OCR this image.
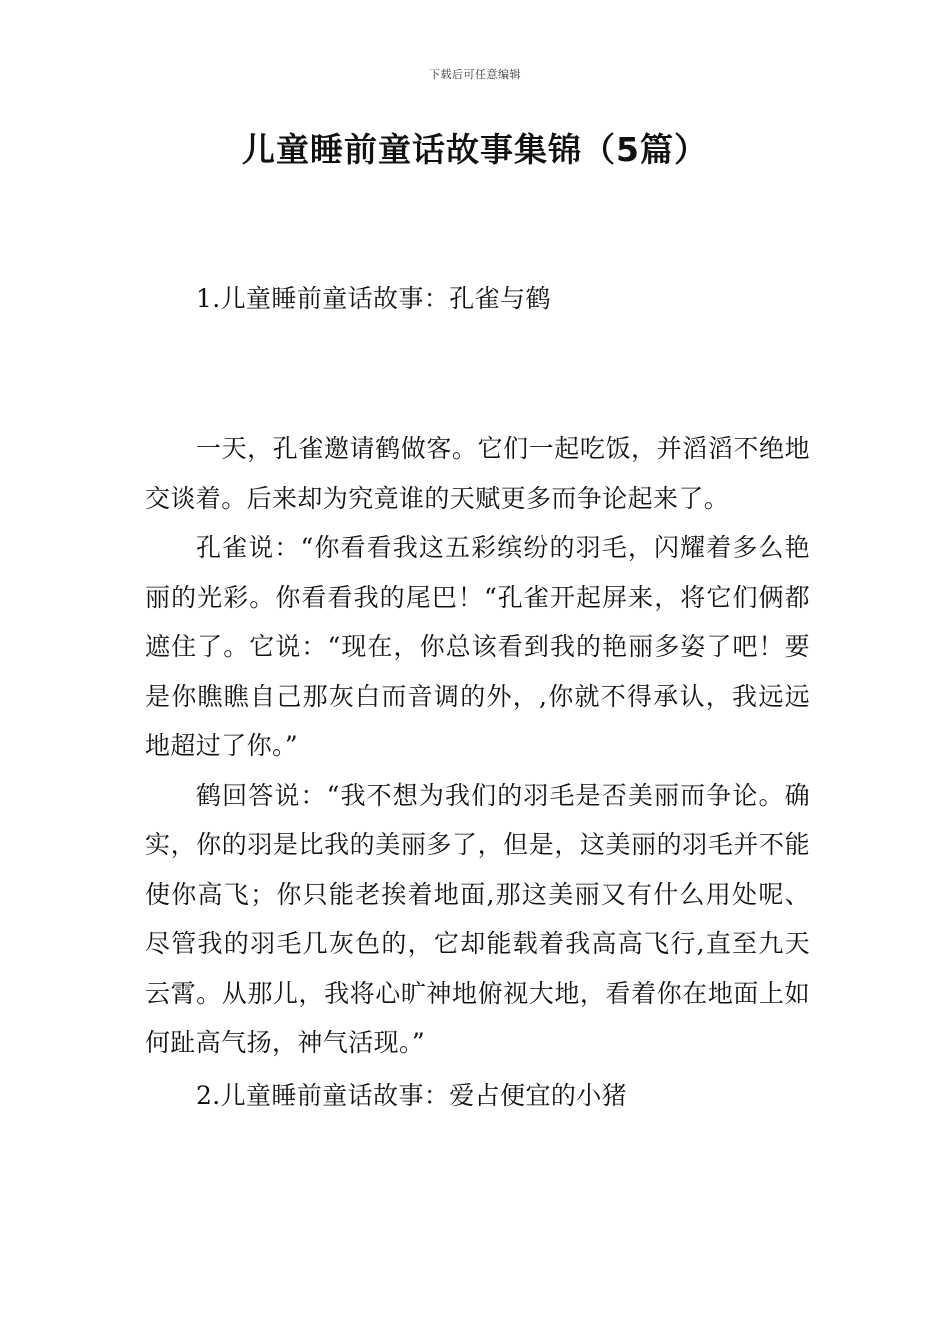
下载后可任意编辑
儿童睡前童话故事集锦（5篇）
1.儿童睡前童话故事：孔雀与鹤

一天，孔雀邀请鹤做客。它们一起吃饭，并滔滔不绝地交谈着。后来却为究竟谁的天赋更多而争论起来了。

孔雀说：“你看看我这五彩缤纷的羽毛，闪耀着多么艳丽的光彩。你看看我的尾巴！“孔雀开起屏来，将它们俩都遮住了。它说：“现在，你总该看到我的艳丽多姿了吧！要是你瞧瞧自己那灰白而音调的外，,你就不得承认，我远远地超过了你。”

鹤回答说：“我不想为我们的羽毛是否美丽而争论。确实，你的羽是比我的美丽多了，但是，这美丽的羽毛并不能使你高飞；你只能老挨着地面,那这美丽又有什么用处呢、尽管我的羽毛几灰色的，它却能载着我高高飞行,直至九天云霄。从那儿，我将心旷神地俯视大地，看着你在地面上如何趾高气扬，神气活现。”

2.儿童睡前童话故事：爱占便宜的小猪
